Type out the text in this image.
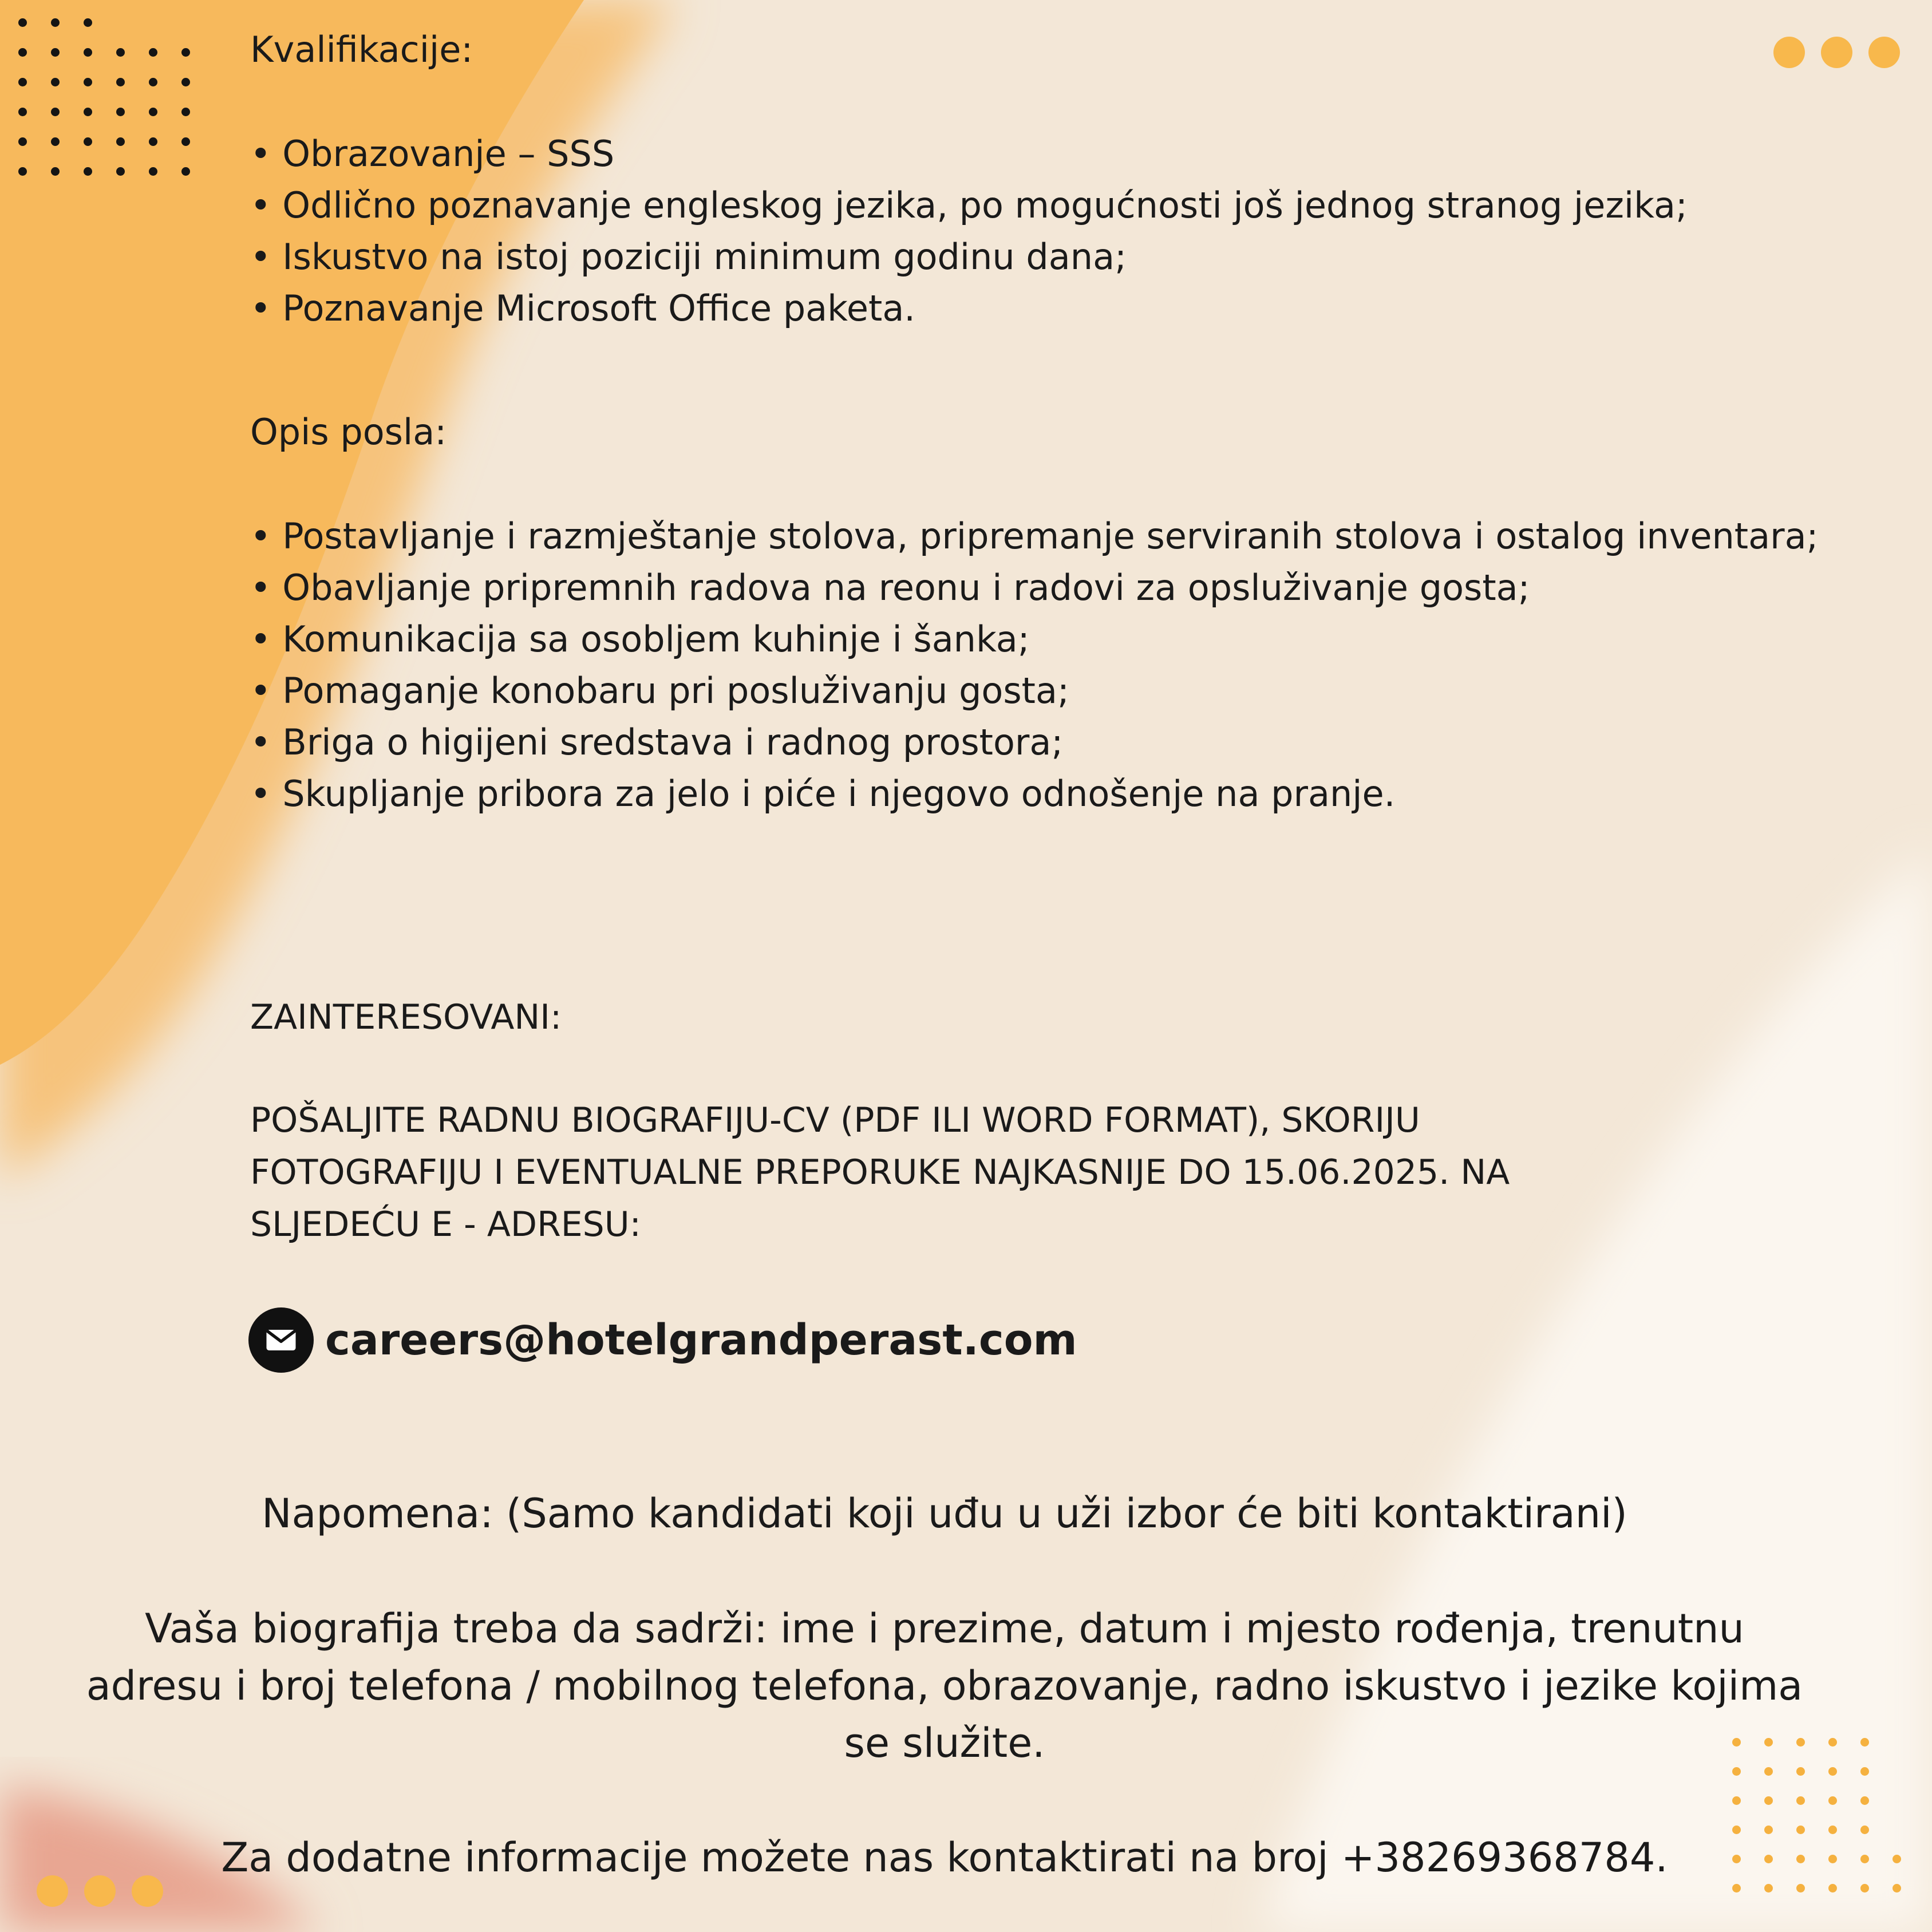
Kvalifikacije:
• Obrazovanje – SSS
• Odlično poznavanje engleskog jezika, po mogućnosti još jednog stranog jezika;
• Iskustvo na istoj poziciji minimum godinu dana;
• Poznavanje Microsoft Office paketa.
Opis posla:
• Postavljanje i razmještanje stolova, pripremanje serviranih stolova i ostalog inventara;
• Obavljanje pripremnih radova na reonu i radovi za opsluživanje gosta;
• Komunikacija sa osobljem kuhinje i šanka;
• Pomaganje konobaru pri posluživanju gosta;
• Briga o higijeni sredstava i radnog prostora;
• Skupljanje pribora za jelo i piće i njegovo odnošenje na pranje.
ZAINTERESOVANI:
POŠALJITE RADNU BIOGRAFIJU-CV (PDF ILI WORD FORMAT), SKORIJU
FOTOGRAFIJU I EVENTUALNE PREPORUKE NAJKASNIJE DO 15.06.2025. NA
SLJEDEĆU E - ADRESU:
careers@hotelgrandperast.com
Napomena: (Samo kandidati koji uđu u uži izbor će biti kontaktirani)
Vaša biografija treba da sadrži: ime i prezime, datum i mjesto rođenja, trenutnu
adresu i broj telefona / mobilnog telefona, obrazovanje, radno iskustvo i jezike kojima
se služite.
Za dodatne informacije možete nas kontaktirati na broj +38269368784.
